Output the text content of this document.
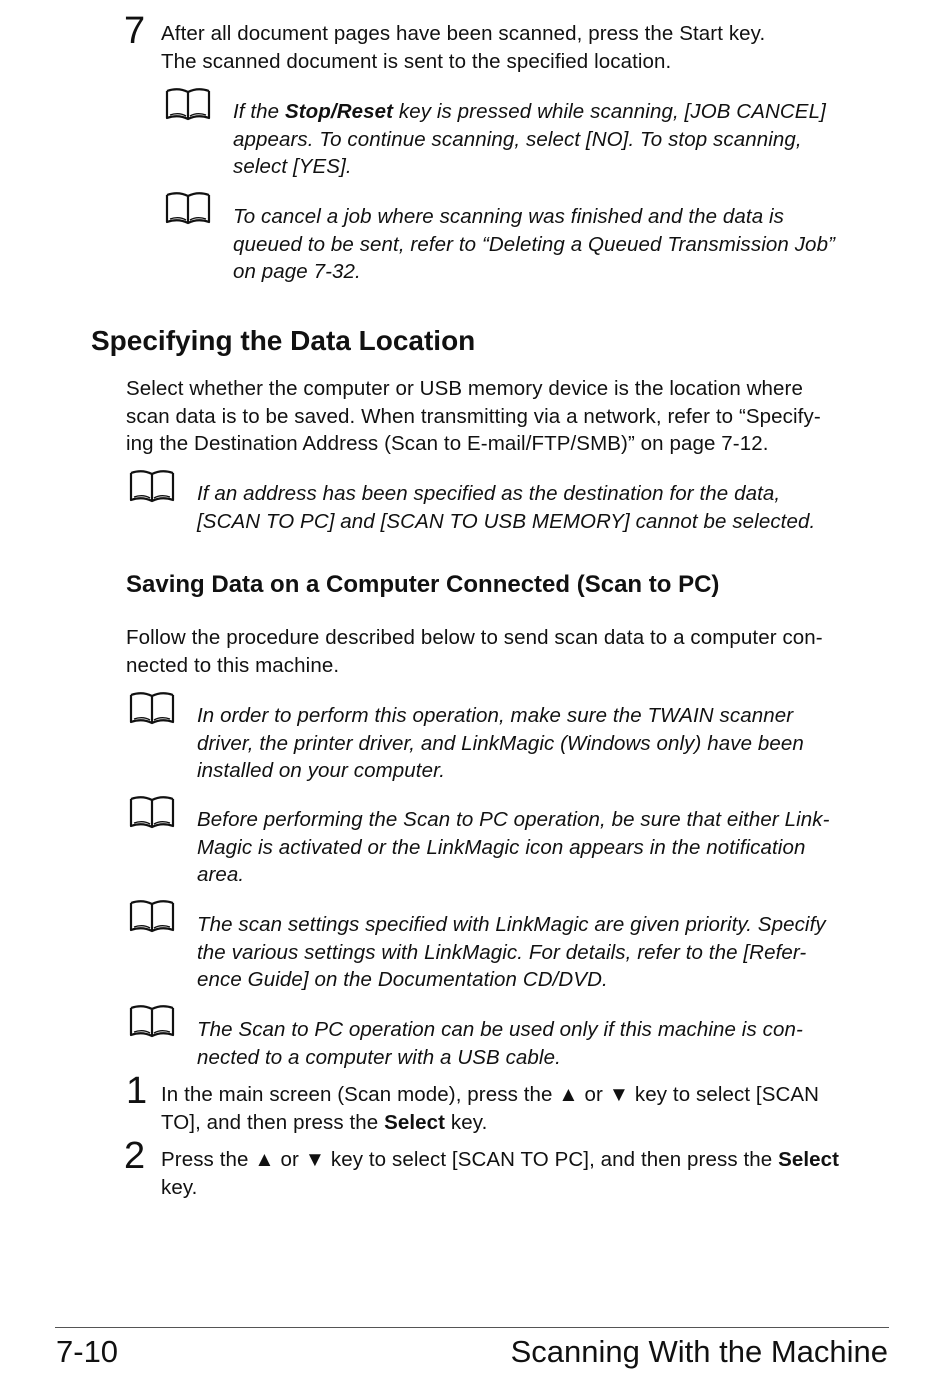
7 After all document pages have been scanned, press the Start key.
The scanned document is sent to the specified location.
If the Stop/Reset key is pressed while scanning, [JOB CANCEL]
appears. To continue scanning, select [NO]. To stop scanning,
select [YES].
To cancel a job where scanning was finished and the data is
queued to be sent, refer to “Deleting a Queued Transmission Job”
on page 7-32.
Specifying the Data Location
Select whether the computer or USB memory device is the location where
scan data is to be saved. When transmitting via a network, refer to “Specify-
ing the Destination Address (Scan to E-mail/FTP/SMB)” on page 7-12.
If an address has been specified as the destination for the data,
[SCAN TO PC] and [SCAN TO USB MEMORY] cannot be selected.
Saving Data on a Computer Connected (Scan to PC)
Follow the procedure described below to send scan data to a computer con-
nected to this machine.
In order to perform this operation, make sure the TWAIN scanner
driver, the printer driver, and LinkMagic (Windows only) have been
installed on your computer.
Before performing the Scan to PC operation, be sure that either Link-
Magic is activated or the LinkMagic icon appears in the notification
area.
The scan settings specified with LinkMagic are given priority. Specify
the various settings with LinkMagic. For details, refer to the [Refer-
ence Guide] on the Documentation CD/DVD.
The Scan to PC operation can be used only if this machine is con-
nected to a computer with a USB cable.
1 In the main screen (Scan mode), press the ▲ or ▼ key to select [SCAN
TO], and then press the Select key.
2 Press the ▲ or ▼ key to select [SCAN TO PC], and then press the Select
key.
7-10	Scanning With the Machine
